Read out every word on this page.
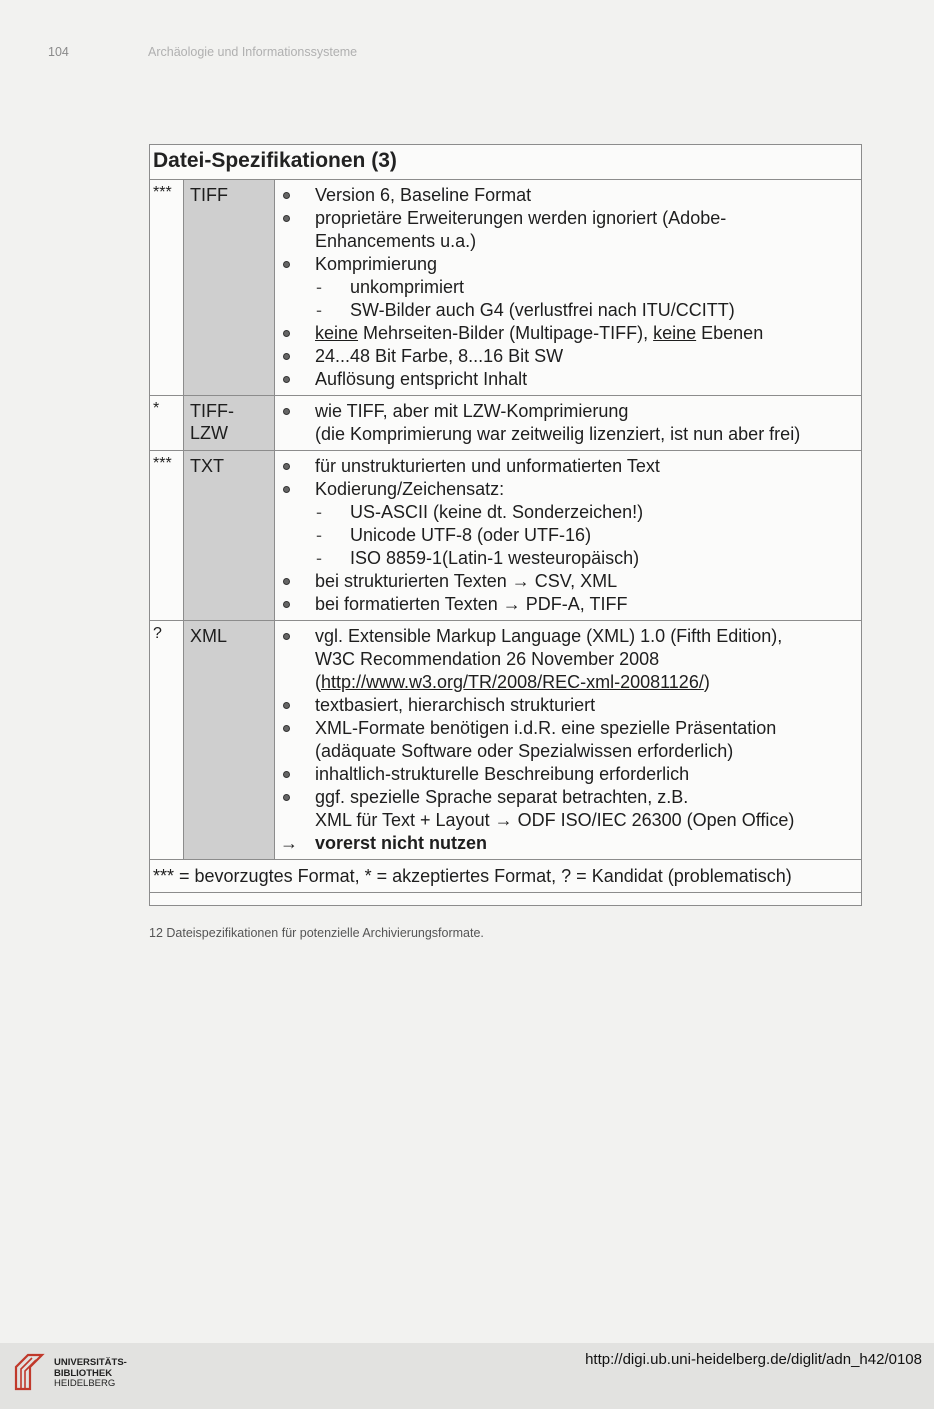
104	Archäologie und Informationssysteme
Datei-Spezifikationen (3)
***	TIFF	Version 6, Baseline Format
proprietäre Erweiterungen werden ignoriert (Adobe-
Enhancements u.a.)
Komprimierung
- unkomprimiert
- SW-Bilder auch G4 (verlustfrei nach ITU/CCITT)
keine Mehrseiten-Bilder (Multipage-TIFF), keine Ebenen
24...48 Bit Farbe, 8...16 Bit SW
Auflösung entspricht Inhalt
*	TIFF-
LZW
wie TIFF, aber mit LZW-Komprimierung
(die Komprimierung war zeitweilig lizenziert, ist nun aber frei)
***	TXT	für unstrukturierten und unformatierten Text
Kodierung/Zeichensatz:
- US-ASCII (keine dt. Sonderzeichen!)
- Unicode UTF-8 (oder UTF-16)
- ISO 8859-1(Latin-1 westeuropäisch)
bei strukturierten Texten → CSV, XML
bei formatierten Texten → PDF-A, TIFF
?	XML	vgl. Extensible Markup Language (XML) 1.0 (Fifth Edition),
W3C Recommendation 26 November 2008
(http://www.w3.org/TR/2008/REC-xml-20081126/)
textbasiert, hierarchisch strukturiert
XML-Formate benötigen i.d.R. eine spezielle Präsentation
(adäquate Software oder Spezialwissen erforderlich)
inhaltlich-strukturelle Beschreibung erforderlich
ggf. spezielle Sprache separat betrachten, z.B.
XML für Text + Layout → ODF ISO/IEC 26300 (Open Office)
→ vorerst nicht nutzen
*** = bevorzugtes Format, * = akzeptiertes Format, ? = Kandidat (problematisch)
12 Dateispezifikationen für potenzielle Archivierungsformate.
UNIVERSITÄTS-
BIBLIOTHEK
HEIDELBERG
http://digi.ub.uni-heidelberg.de/diglit/adn_h42/0108
